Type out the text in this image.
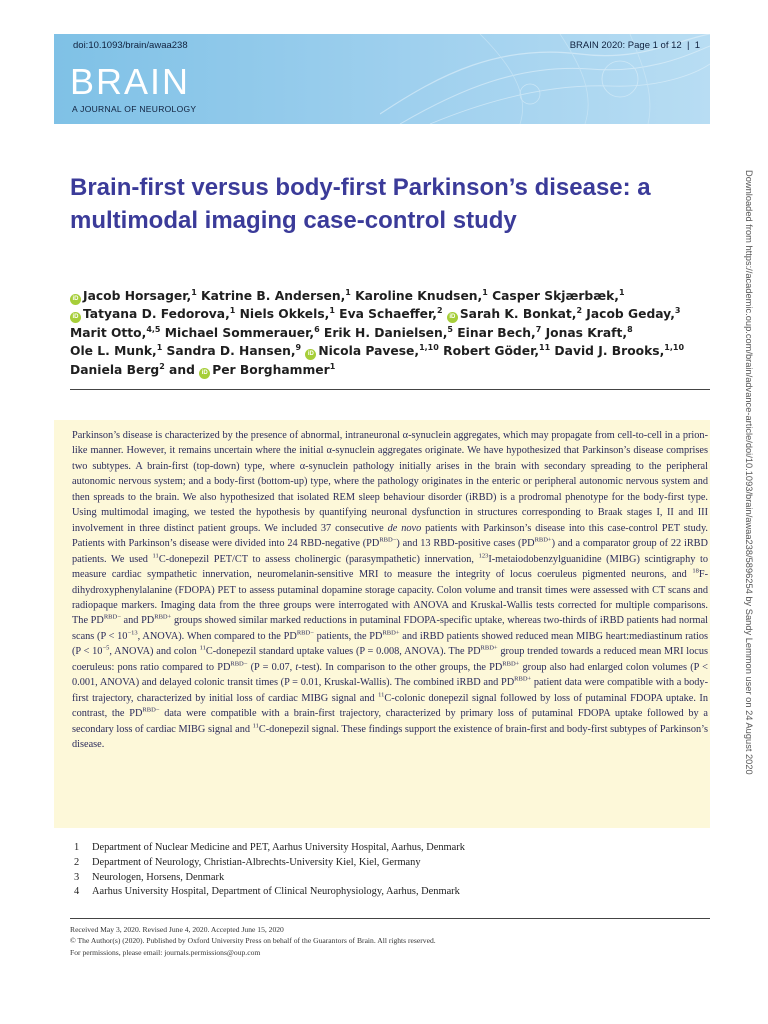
doi:10.1093/brain/awaa238	BRAIN 2020: Page 1 of 12  |  1
BRAIN
A JOURNAL OF NEUROLOGY
Brain-first versus body-first Parkinson’s disease: a multimodal imaging case-control study
iD Jacob Horsager,$^1$ Katrine B. Andersen,$^1$ Karoline Knudsen,$^1$ Casper Skjærbæk,$^1$
iD Tatyana D. Fedorova,$^1$ Niels Okkels,$^1$ Eva Schaeffer,$^2$ iD Sarah K. Bonkat,$^2$ Jacob Geday,$^3$
Marit Otto,$^{4,5}$ Michael Sommerauer,$^6$ Erik H. Danielsen,$^5$ Einar Bech,$^7$ Jonas Kraft,$^8$
Ole L. Munk,$^1$ Sandra D. Hansen,$^9$ iD Nicola Pavese,$^{1,10}$ Robert Göder,$^{11}$ David J. Brooks,$^{1,10}$
Daniela Berg$^2$ and iD Per Borghammer$^1$
Parkinson’s disease is characterized by the presence of abnormal, intraneuronal α-synuclein aggregates, which may propagate from cell-to-cell in a prion-like manner. However, it remains uncertain where the initial α-synuclein aggregates originate. We have hypothesized that Parkinson’s disease comprises two subtypes. A brain-first (top-down) type, where α-synuclein pathology initially arises in the brain with secondary spreading to the peripheral autonomic nervous system; and a body-first (bottom-up) type, where the pathology originates in the enteric or peripheral autonomic nervous system and then spreads to the brain. We also hypothesized that isolated REM sleep behaviour disorder (iRBD) is a prodromal phenotype for the body-first type. Using multimodal imaging, we tested the hypothesis by quantifying neuronal dysfunction in structures corresponding to Braak stages I, II and III involvement in three distinct patient groups. We included 37 consecutive de novo patients with Parkinson’s disease into this case-control PET study. Patients with Parkinson’s disease were divided into 24 RBD-negative $(PD^{RBD-})$ and 13 RBD-positive cases $(PD^{RBD+})$ and a comparator group of 22 iRBD patients. We used $^{11}$C-donepezil PET/CT to assess cholinergic (parasympathetic) innervation, $^{123}$I-metaiodobenzylguanidine (MIBG) scintigraphy to measure cardiac sympathetic innervation, neuromelanin-sensitive MRI to measure the integrity of locus coeruleus pigmented neurons, and $^{18}$F-dihydroxyphenylalanine (FDOPA) PET to assess putaminal dopamine storage capacity. Colon volume and transit times were assessed with CT scans and radiopaque markers. Imaging data from the three groups were interrogated with ANOVA and Kruskal-Wallis tests corrected for multiple comparisons. The $PD^{RBD-}$ and $PD^{RBD+}$ groups showed similar marked reductions in putaminal FDOPA-specific uptake, whereas two-thirds of iRBD patients had normal scans ($P < 10^{-13}$, ANOVA). When compared to the $PD^{RBD-}$ patients, the $PD^{RBD+}$ and iRBD patients showed reduced mean MIBG heart:mediastinum ratios ($P < 10^{-5}$, ANOVA) and colon $^{11}$C-donepezil standard uptake values (P = 0.008, ANOVA). The $PD^{RBD+}$ group trended towards a reduced mean MRI locus coeruleus: pons ratio compared to $PD^{RBD-}$ (P = 0.07, t-test). In comparison to the other groups, the $PD^{RBD+}$ group also had enlarged colon volumes (P < 0.001, ANOVA) and delayed colonic transit times (P = 0.01, Kruskal-Wallis). The combined iRBD and $PD^{RBD+}$ patient data were compatible with a body-first trajectory, characterized by initial loss of cardiac MIBG signal and $^{11}$C-colonic donepezil signal followed by loss of putaminal FDOPA uptake. In contrast, the $PD^{RBD-}$ data were compatible with a brain-first trajectory, characterized by primary loss of putaminal FDOPA uptake followed by a secondary loss of cardiac MIBG signal and $^{11}$C-donepezil signal. These findings support the existence of brain-first and body-first subtypes of Parkinson’s disease.
1	Department of Nuclear Medicine and PET, Aarhus University Hospital, Aarhus, Denmark
2	Department of Neurology, Christian-Albrechts-University Kiel, Kiel, Germany
3	Neurologen, Horsens, Denmark
4	Aarhus University Hospital, Department of Clinical Neurophysiology, Aarhus, Denmark
Received May 3, 2020. Revised June 4, 2020. Accepted June 15, 2020
© The Author(s) (2020). Published by Oxford University Press on behalf of the Guarantors of Brain. All rights reserved.
For permissions, please email: journals.permissions@oup.com
Downloaded from https://academic.oup.com/brain/advance-article/doi/10.1093/brain/awaa238/5896254 by Sandy Lemmon user on 24 August 2020
